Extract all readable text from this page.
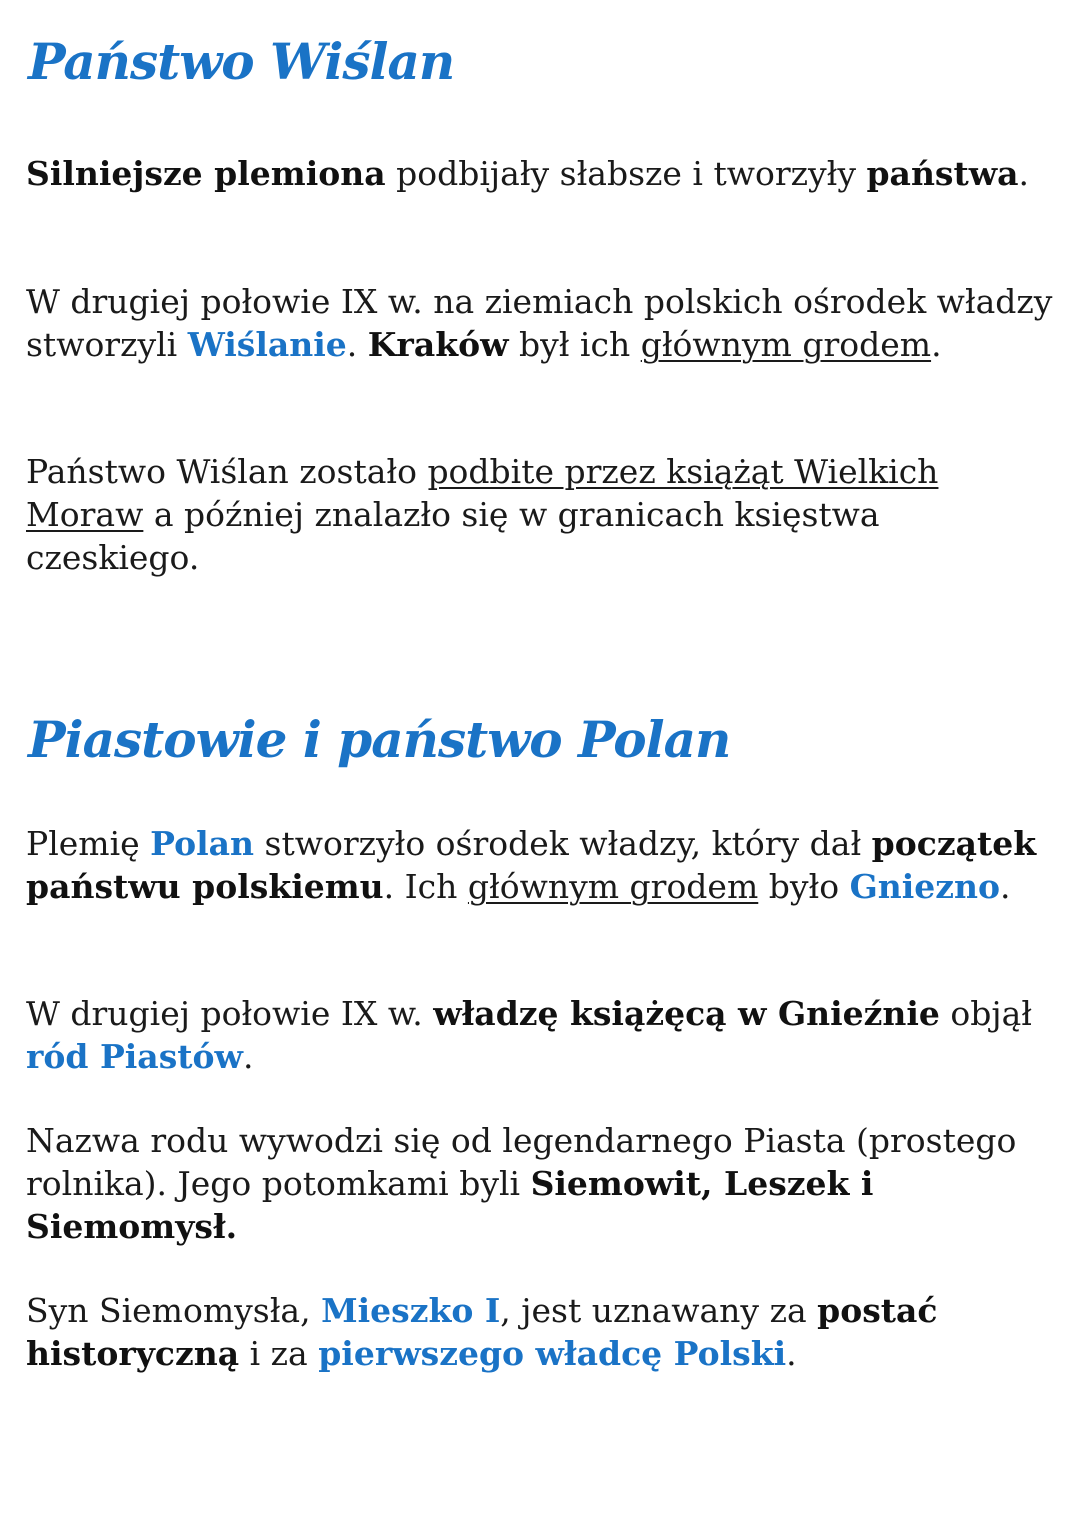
Państwo Wiślan

Silniejsze plemiona podbijały słabsze i tworzyły państwa.

W drugiej połowie IX w. na ziemiach polskich ośrodek władzy stworzyli Wiślanie. Kraków był ich głównym grodem.

Państwo Wiślan zostało podbite przez książąt Wielkich Moraw a później znalazło się w granicach księstwa czeskiego.

Piastowie i państwo Polan

Plemię Polan stworzyło ośrodek władzy, który dał początek państwu polskiemu. Ich głównym grodem było Gniezno.

W drugiej połowie IX w. władzę książęcą w Gnieźnie objął ród Piastów.

Nazwa rodu wywodzi się od legendarnego Piasta (prostego rolnika). Jego potomkami byli Siemowit, Leszek i Siemomysł.

Syn Siemomysła, Mieszko I, jest uznawany za postać historyczną i za pierwszego władcę Polski.
